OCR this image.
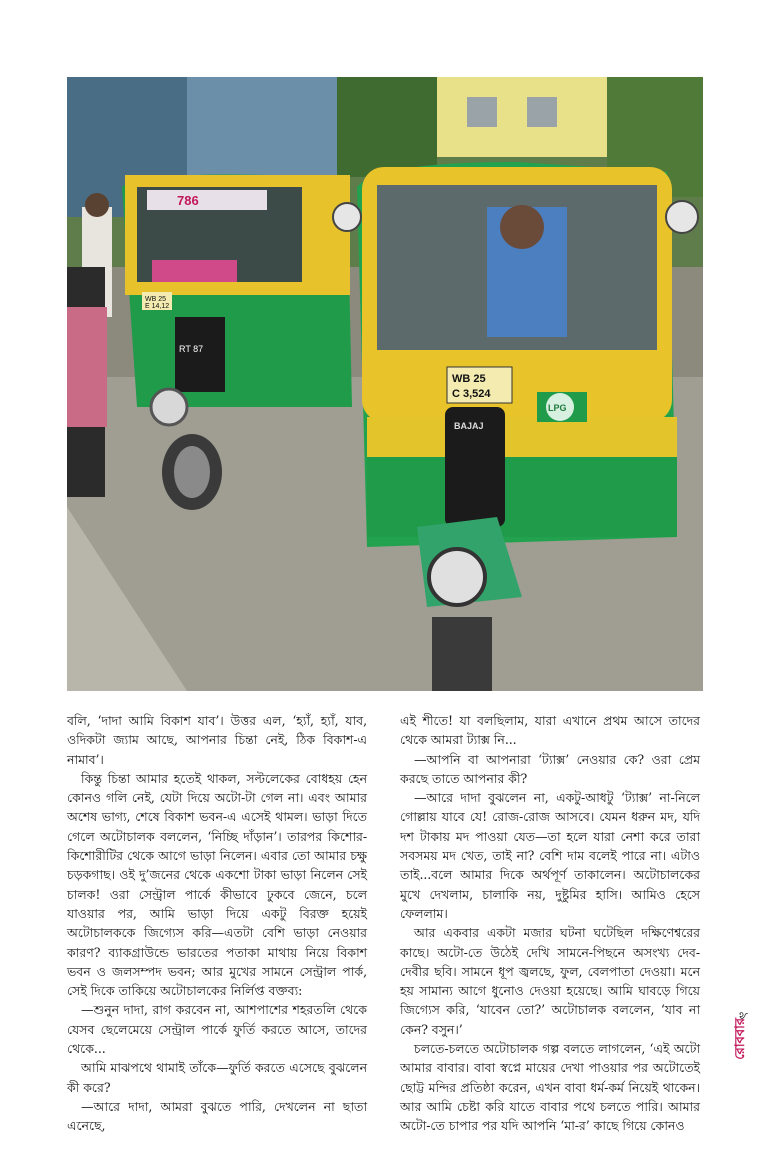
786
WB 25
E 14,12
RT 87
WB 25
C 3,524
BAJAJ
LPG

বলি, ‘দাদা আমি বিকাশ যাব’। উত্তর এল, ‘হ্যাঁ, হ্যাঁ, যাব, ওদিকটা জ্যাম আছে, আপনার চিন্তা নেই, ঠিক বিকাশ-এ নামাব’।

কিন্তু চিন্তা আমার হতেই থাকল, সল্টলেকের বোধহয় হেন কোনও গলি নেই, যেটা দিয়ে অটো-টা গেল না। এবং আমার অশেষ ভাগ্য, শেষে বিকাশ ভবন-এ এসেই থামল। ভাড়া দিতে গেলে অটোচালক বললেন, ‘নিচ্ছি দাঁড়ান’। তারপর কিশোর-কিশোরীটির থেকে আগে ভাড়া নিলেন। এবার তো আমার চক্ষু চড়কগাছ। ওই দু’জনের থেকে একশো টাকা ভাড়া নিলেন সেই চালক! ওরা সেন্ট্রাল পার্কে কীভাবে ঢুকবে জেনে, চলে যাওয়ার পর, আমি ভাড়া দিয়ে একটু বিরক্ত হয়েই অটোচালককে জিগ্যেস করি—এতটা বেশি ভাড়া নেওয়ার কারণ? ব্যাকগ্রাউন্ডে ভারতের পতাকা মাথায় নিয়ে বিকাশ ভবন ও জলসম্পদ ভবন; আর মুখের সামনে সেন্ট্রাল পার্ক, সেই দিকে তাকিয়ে অটোচালকের নির্লিপ্ত বক্তব্য:

—শুনুন দাদা, রাগ করবেন না, আশপাশের শহরতলি থেকে যেসব ছেলেমেয়ে সেন্ট্রাল পার্কে ফুর্তি করতে আসে, তাদের থেকে...

আমি মাঝপথে থামাই তাঁকে—ফুর্তি করতে এসেছে বুঝলেন কী করে?

—আরে দাদা, আমরা বুঝতে পারি, দেখলেন না ছাতা এনেছে,

এই শীতে! যা বলছিলাম, যারা এখানে প্রথম আসে তাদের থেকে আমরা ট্যাক্স নি...

—আপনি বা আপনারা ‘ট্যাক্স’ নেওয়ার কে? ওরা প্রেম করছে তাতে আপনার কী?

—আরে দাদা বুঝলেন না, একটু-আধটু ‘ট্যাক্স’ না-নিলে গোল্লায় যাবে যে! রোজ-রোজ আসবে। যেমন ধরুন মদ, যদি দশ টাকায় মদ পাওয়া যেত—তা হলে যারা নেশা করে তারা সবসময় মদ খেত, তাই না? বেশি দাম বলেই পারে না। এটাও তাই...বলে আমার দিকে অর্থপূর্ণ তাকালেন। অটোচালকের মুখে দেখলাম, চালাকি নয়, দুষ্টুমির হাসি। আমিও হেসে ফেললাম।

আর একবার একটা মজার ঘটনা ঘটেছিল দক্ষিণেশ্বরের কাছে। অটো-তে উঠেই দেখি সামনে-পিছনে অসংখ্য দেব-দেবীর ছবি। সামনে ধূপ জ্বলছে, ফুল, বেলপাতা দেওয়া। মনে হয় সামান্য আগে ধুনোও দেওয়া হয়েছে। আমি ঘাবড়ে গিয়ে জিগ্যেস করি, ‘যাবেন তো?’ অটোচালক বললেন, ‘যাব না কেন? বসুন।’

চলতে-চলতে অটোচালক গল্প বলতে লাগলেন, ‘এই অটো আমার বাবার। বাবা স্বপ্নে মায়ের দেখা পাওয়ার পর অটোতেই ছোট্ট মন্দির প্রতিষ্ঠা করেন, এখন বাবা ধর্ম-কর্ম নিয়েই থাকেন। আর আমি চেষ্টা করি যাতে বাবার পথে চলতে পারি। আমার অটো-তে চাপার পর যদি আপনি ‘মা-র’ কাছে গিয়ে কোনও

৯
রোববার
